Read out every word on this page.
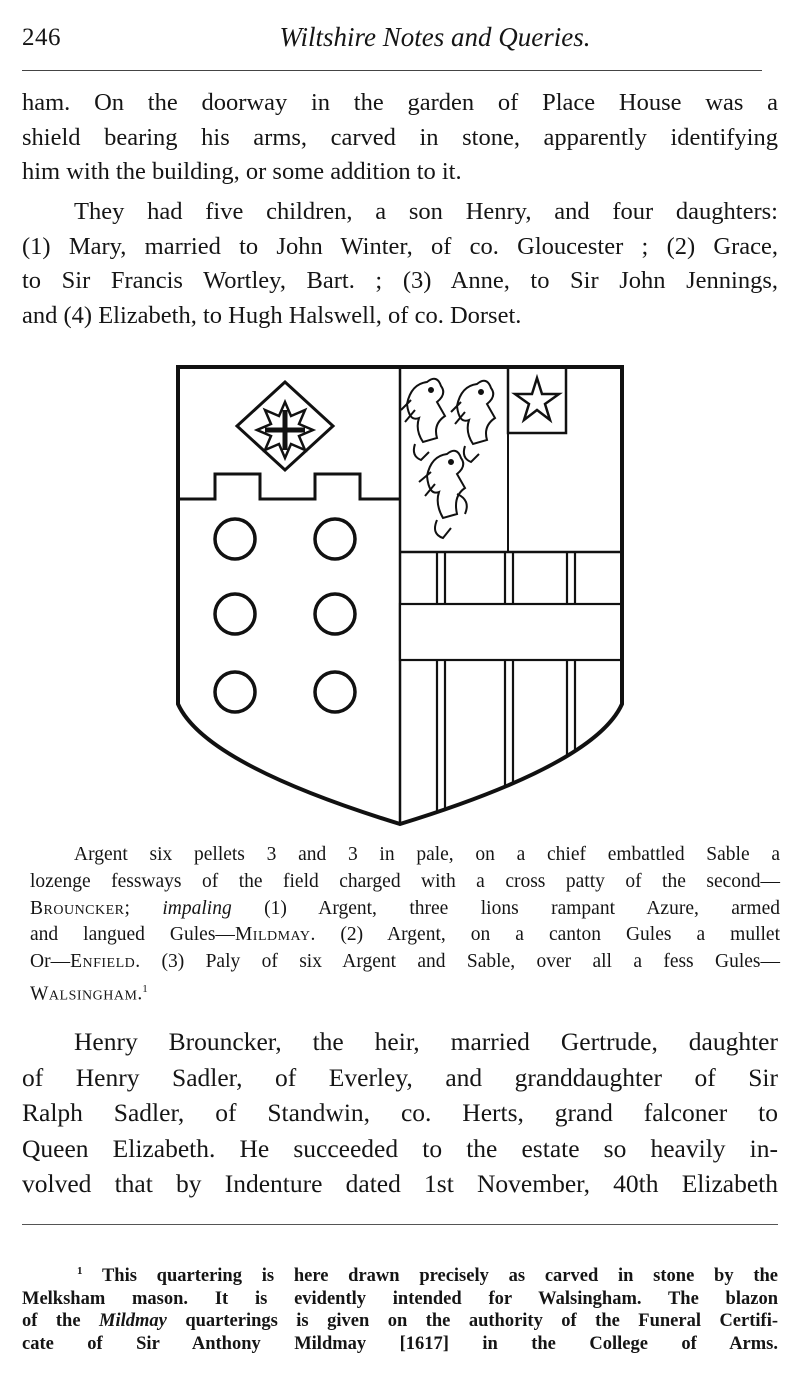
246	Wiltshire Notes and Queries.
ham. On the doorway in the garden of Place House was a
shield bearing his arms, carved in stone, apparently identifying
him with the building, or some addition to it.
They had five children, a son Henry, and four daughters:
(1) Mary, married to John Winter, of co. Gloucester ; (2) Grace,
to Sir Francis Wortley, Bart. ; (3) Anne, to Sir John Jennings,
and (4) Elizabeth, to Hugh Halswell, of co. Dorset.
Argent six pellets 3 and 3 in pale, on a chief embattled Sable a
lozenge fessways of the field charged with a cross patty of the second—
Brouncker; impaling (1) Argent, three lions rampant Azure, armed
and langued Gules—Mildmay. (2) Argent, on a canton Gules a mullet
Or—Enfield. (3) Paly of six Argent and Sable, over all a fess Gules—
Walsingham.$^1$
Henry Brouncker, the heir, married Gertrude, daughter
of Henry Sadler, of Everley, and granddaughter of Sir
Ralph Sadler, of Standwin, co. Herts, grand falconer to
Queen Elizabeth. He succeeded to the estate so heavily in-
volved that by Indenture dated 1st November, 40th Elizabeth
$^1$ This quartering is here drawn precisely as carved in stone by the
Melksham mason. It is evidently intended for Walsingham. The blazon
of the Mildmay quarterings is given on the authority of the Funeral Certifi-
cate of Sir Anthony Mildmay [1617] in the College of Arms.
